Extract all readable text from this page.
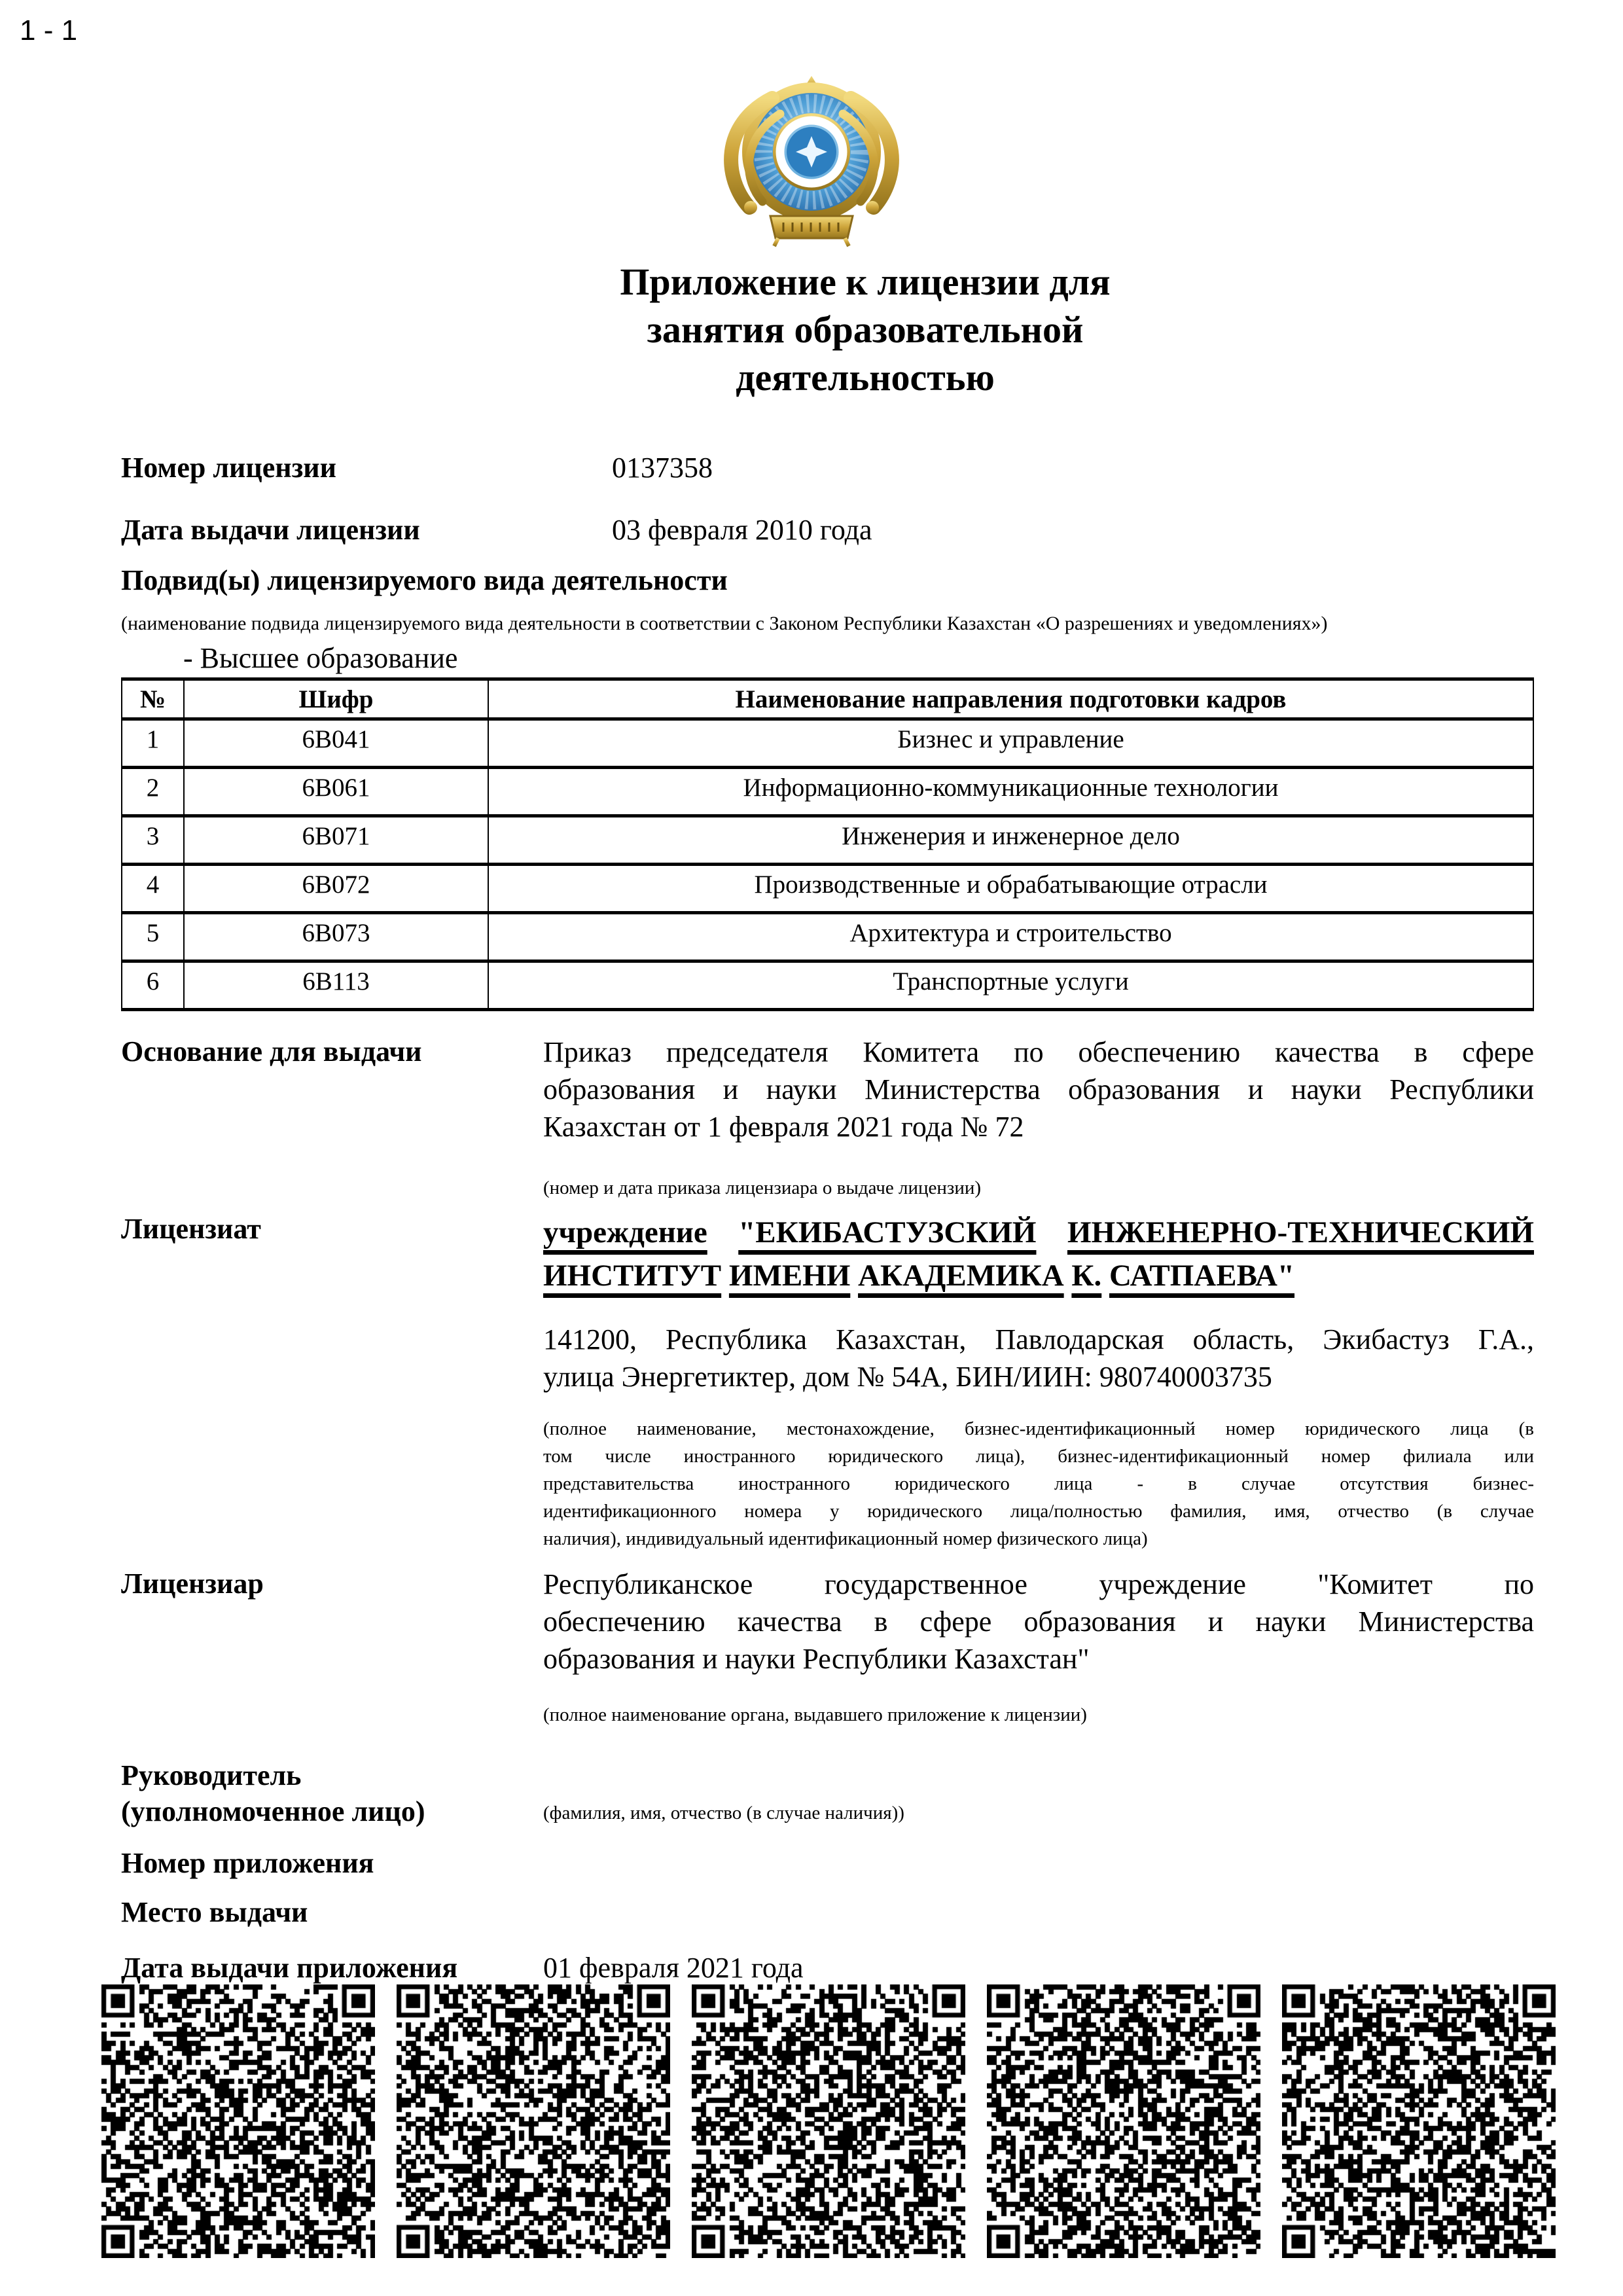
1 - 1
Приложение к лицензии для
занятия образовательной
деятельностью
Номер лицензии	0137358
Дата выдачи лицензии	03 февраля 2010 года
Подвид(ы) лицензируемого вида деятельности
(наименование подвида лицензируемого вида деятельности в соответствии с Законом Республики Казахстан «О разрешениях и уведомлениях»)
- Высшее образование
№	Шифр	Наименование направления подготовки кадров
1	6B041	Бизнес и управление
2	6B061	Информационно-коммуникационные технологии
3	6B071	Инженерия и инженерное дело
4	6B072	Производственные и обрабатывающие отрасли
5	6B073	Архитектура и строительство
6	6B113	Транспортные услуги
Основание для выдачи	Приказ председателя Комитета по обеспечению качества в сфере
образования и науки Министерства образования и науки Республики
Казахстан от 1 февраля 2021 года № 72
(номер и дата приказа лицензиара о выдаче лицензии)
Лицензиат	учреждение "ЕКИБАСТУЗСКИЙ ИНЖЕНЕРНО-ТЕХНИЧЕСКИЙ
ИНСТИТУТ ИМЕНИ АКАДЕМИКА К. САТПАЕВА"
141200, Республика Казахстан, Павлодарская область, Экибастуз Г.А.,
улица Энергетиктер, дом № 54А, БИН/ИИН: 980740003735
(полное наименование, местонахождение, бизнес-идентификационный номер юридического лица (в
том числе иностранного юридического лица), бизнес-идентификационный номер филиала или
представительства иностранного юридического лица - в случае отсутствия бизнес-
идентификационного номера у юридического лица/полностью фамилия, имя, отчество (в случае
наличия), индивидуальный идентификационный номер физического лица)
Лицензиар	Республиканское государственное учреждение "Комитет по
обеспечению качества в сфере образования и науки Министерства
образования и науки Республики Казахстан"
(полное наименование органа, выдавшего приложение к лицензии)
Руководитель
(уполномоченное лицо)	(фамилия, имя, отчество (в случае наличия))
Номер приложения
Место выдачи
Дата выдачи приложения	01 февраля 2021 года
